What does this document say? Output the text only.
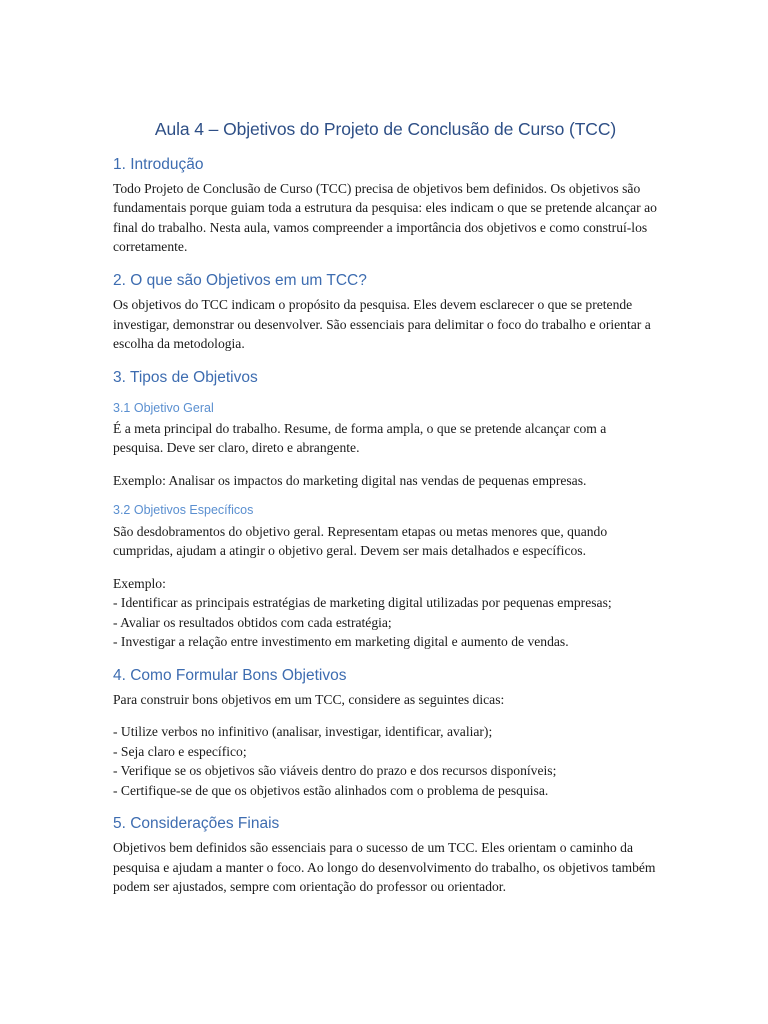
Aula 4 – Objetivos do Projeto de Conclusão de Curso (TCC)
1. Introdução

Todo Projeto de Conclusão de Curso (TCC) precisa de objetivos bem definidos. Os objetivos são fundamentais porque guiam toda a estrutura da pesquisa: eles indicam o que se pretende alcançar ao final do trabalho. Nesta aula, vamos compreender a importância dos objetivos e como construí-los corretamente.

2. O que são Objetivos em um TCC?

Os objetivos do TCC indicam o propósito da pesquisa. Eles devem esclarecer o que se pretende investigar, demonstrar ou desenvolver. São essenciais para delimitar o foco do trabalho e orientar a escolha da metodologia.

3. Tipos de Objetivos
3.1 Objetivo Geral

É a meta principal do trabalho. Resume, de forma ampla, o que se pretende alcançar com a pesquisa. Deve ser claro, direto e abrangente.

Exemplo: Analisar os impactos do marketing digital nas vendas de pequenas empresas.

3.2 Objetivos Específicos

São desdobramentos do objetivo geral. Representam etapas ou metas menores que, quando cumpridas, ajudam a atingir o objetivo geral. Devem ser mais detalhados e específicos.

Exemplo:
- Identificar as principais estratégias de marketing digital utilizadas por pequenas empresas;
- Avaliar os resultados obtidos com cada estratégia;
- Investigar a relação entre investimento em marketing digital e aumento de vendas.

4. Como Formular Bons Objetivos

Para construir bons objetivos em um TCC, considere as seguintes dicas:

- Utilize verbos no infinitivo (analisar, investigar, identificar, avaliar);
- Seja claro e específico;
- Verifique se os objetivos são viáveis dentro do prazo e dos recursos disponíveis;
- Certifique-se de que os objetivos estão alinhados com o problema de pesquisa.

5. Considerações Finais

Objetivos bem definidos são essenciais para o sucesso de um TCC. Eles orientam o caminho da pesquisa e ajudam a manter o foco. Ao longo do desenvolvimento do trabalho, os objetivos também podem ser ajustados, sempre com orientação do professor ou orientador.
